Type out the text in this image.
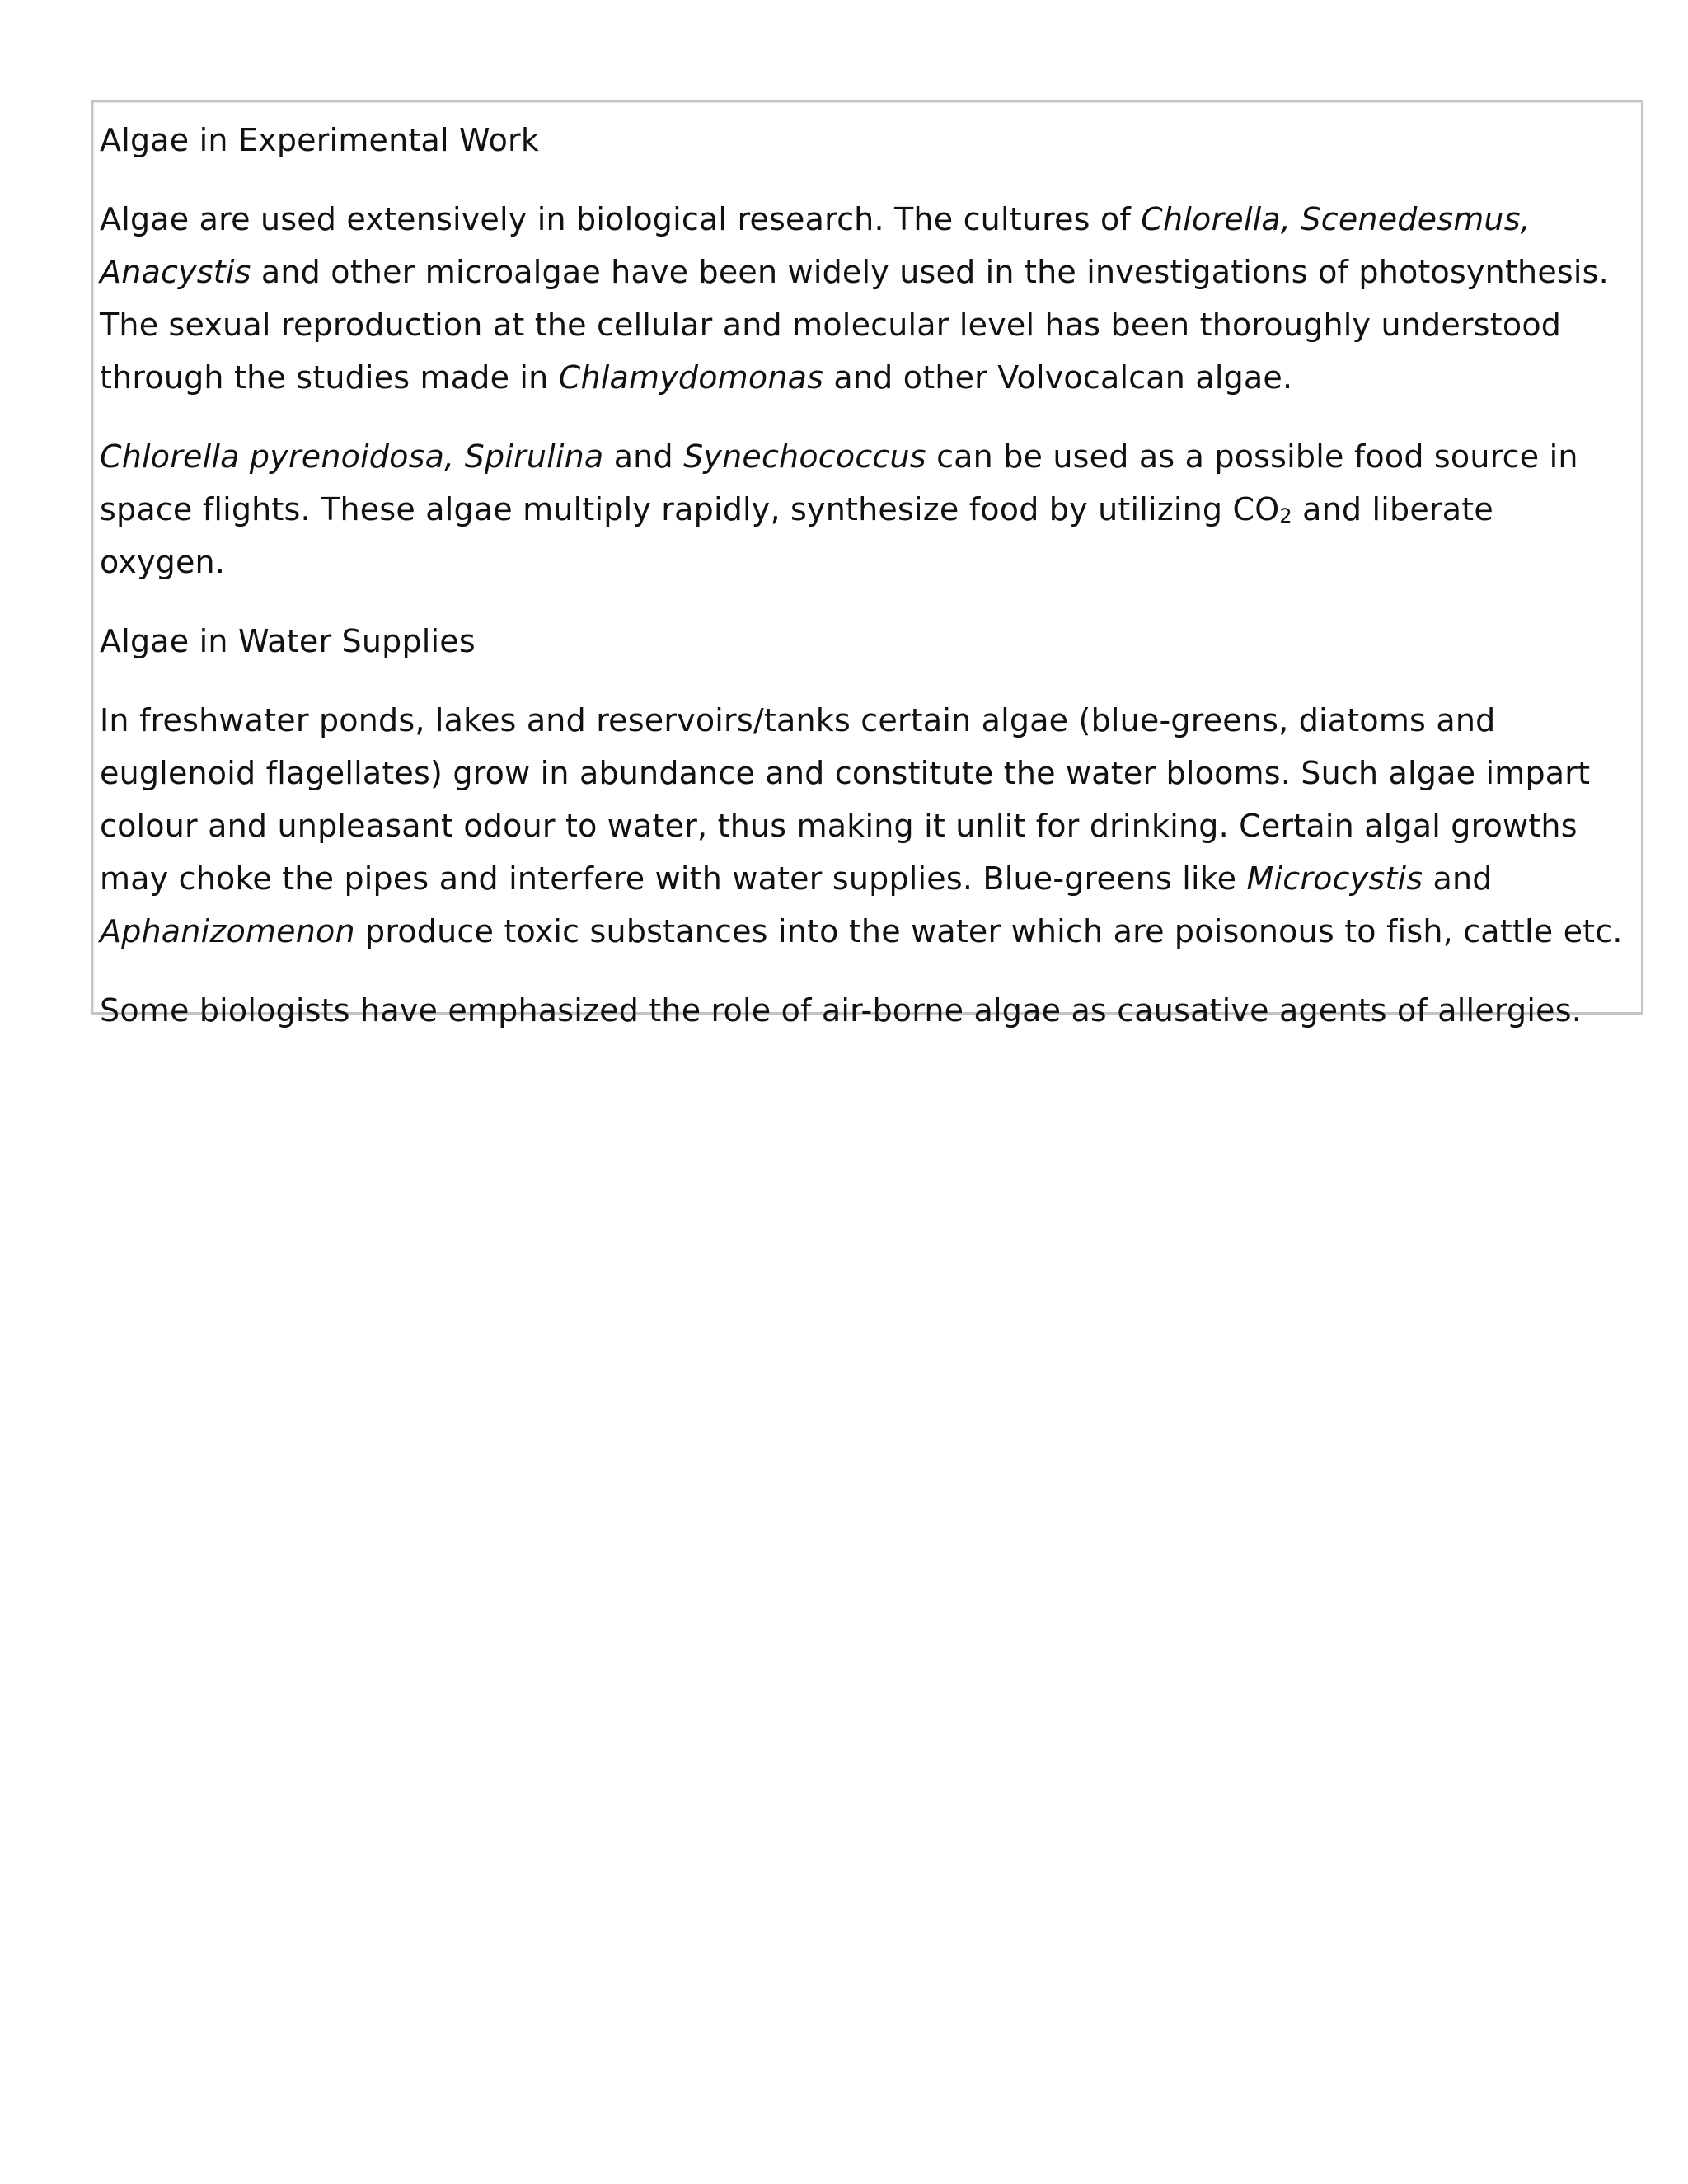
Algae in Experimental Work

Algae are used extensively in biological research. The cultures of Chlorella, Scenedesmus, Anacystis and other microalgae have been widely used in the investigations of photosynthesis. The sexual reproduction at the cellular and molecular level has been thoroughly understood through the studies made in Chlamydomonas and other Volvocalcan algae.

Chlorella pyrenoidosa, Spirulina and Synechococcus can be used as a possible food source in space flights. These algae multiply rapidly, synthesize food by utilizing $CO_2$ and liberate oxygen.

Algae in Water Supplies

In freshwater ponds, lakes and reservoirs/tanks certain algae (blue-greens, diatoms and euglenoid flagellates) grow in abundance and constitute the water blooms. Such algae impart colour and unpleasant odour to water, thus making it unlit for drinking. Certain algal growths may choke the pipes and interfere with water supplies. Blue-greens like Microcystis and Aphanizomenon produce toxic substances into the water which are poisonous to fish, cattle etc.

Some biologists have emphasized the role of air-borne algae as causative agents of allergies.
